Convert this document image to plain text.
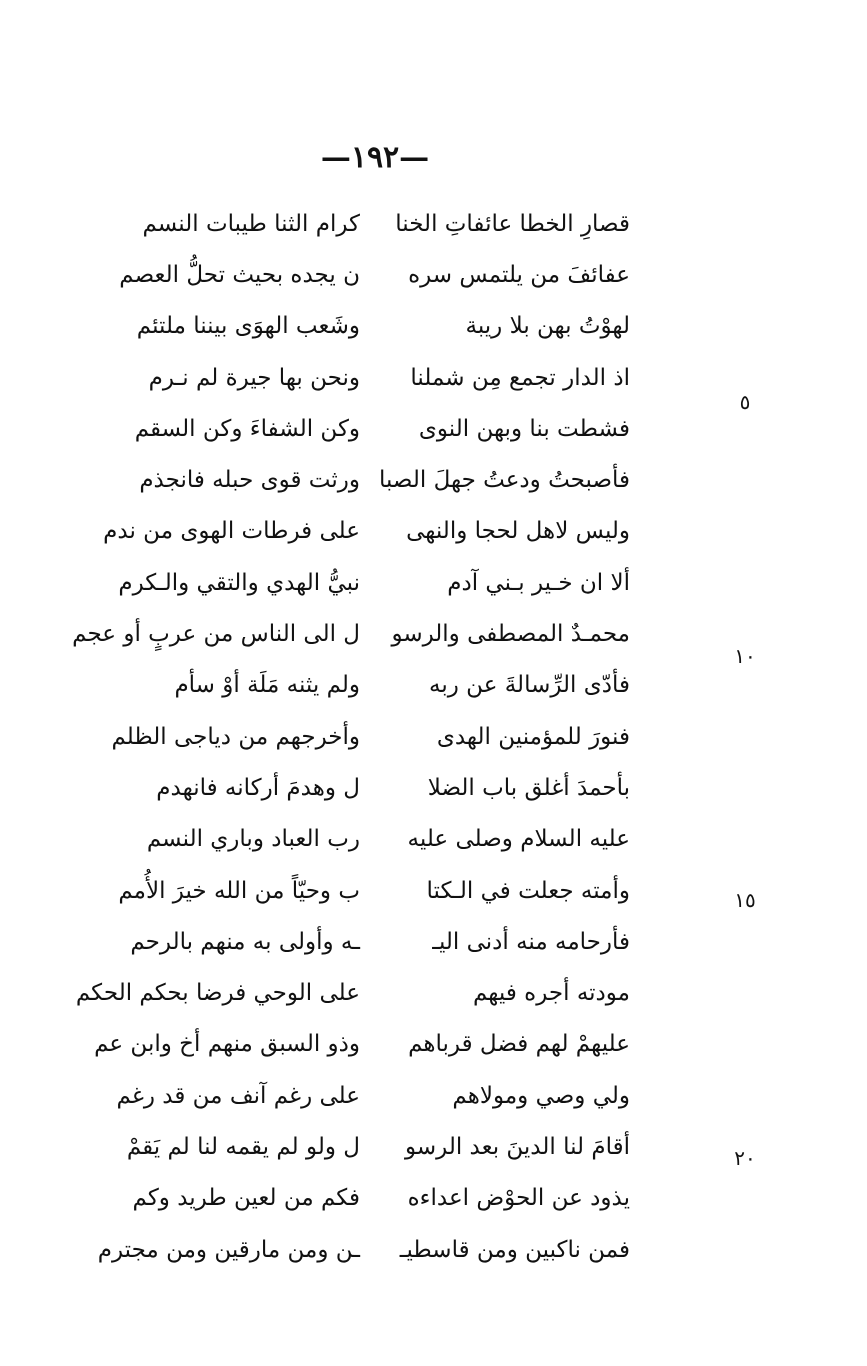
—١٩٢—
٥
١٠
١٥
٢٠
قصارِ الخطا عائفاتِ الخنا
كرام الثنا طيبات النسم
عفائفَ من يلتمس سره
ن يجده بحيث تحلُّ العصم
لهوْتُ بهن بلا ريبة
وشَعب الهوَى بيننا ملتئم
اذ الدار تجمع مِن شملنا
ونحن بها جيرة لم نـرم
فشطت بنا وبهن النوى
وكن الشفاءَ وكن السقم
فأصبحتُ ودعتُ جهلَ الصبا
ورثت قوى حبله فانجذم
وليس لاهل لحجا والنهى
على فرطات الهوى من ندم
ألا ان خـير بـني آدم
نبيُّ الهدي والتقي والـكرم
محمـدٌ المصطفى والرسو
ل الى الناس من عربٍ أو عجم
فأدّى الرِّسالةَ عن ربه
ولم يثنه مَلَة أوْ سأم
فنورَ للمؤمنين الهدى
وأخرجهم من دياجى الظلم
بأحمدَ أغلق باب الضلا
ل وهدمَ أركانه فانهدم
عليه السلام وصلى عليه
رب العباد وباري النسم
وأمته جعلت في الـكتا
ب وحيّاً من الله خيرَ الأُمم
فأرحامه منه أدنى اليـ
ـه وأولى به منهم بالرحم
مودته أجره فيهم
على الوحي فرضا بحكم الحكم
عليهمْ لهم فضل قرباهم
وذو السبق منهم أخ وابن عم
ولي وصي ومولاهم
على رغم آنف من قد رغم
أقامَ لنا الدينَ بعد الرسو
ل ولو لم يقمه لنا لم يَقمْ
يذود عن الحوْض اعداءه
فكم من لعين طريد وكم
فمن ناكبين ومن قاسطيـ
ـن ومن مارقين ومن مجترم
